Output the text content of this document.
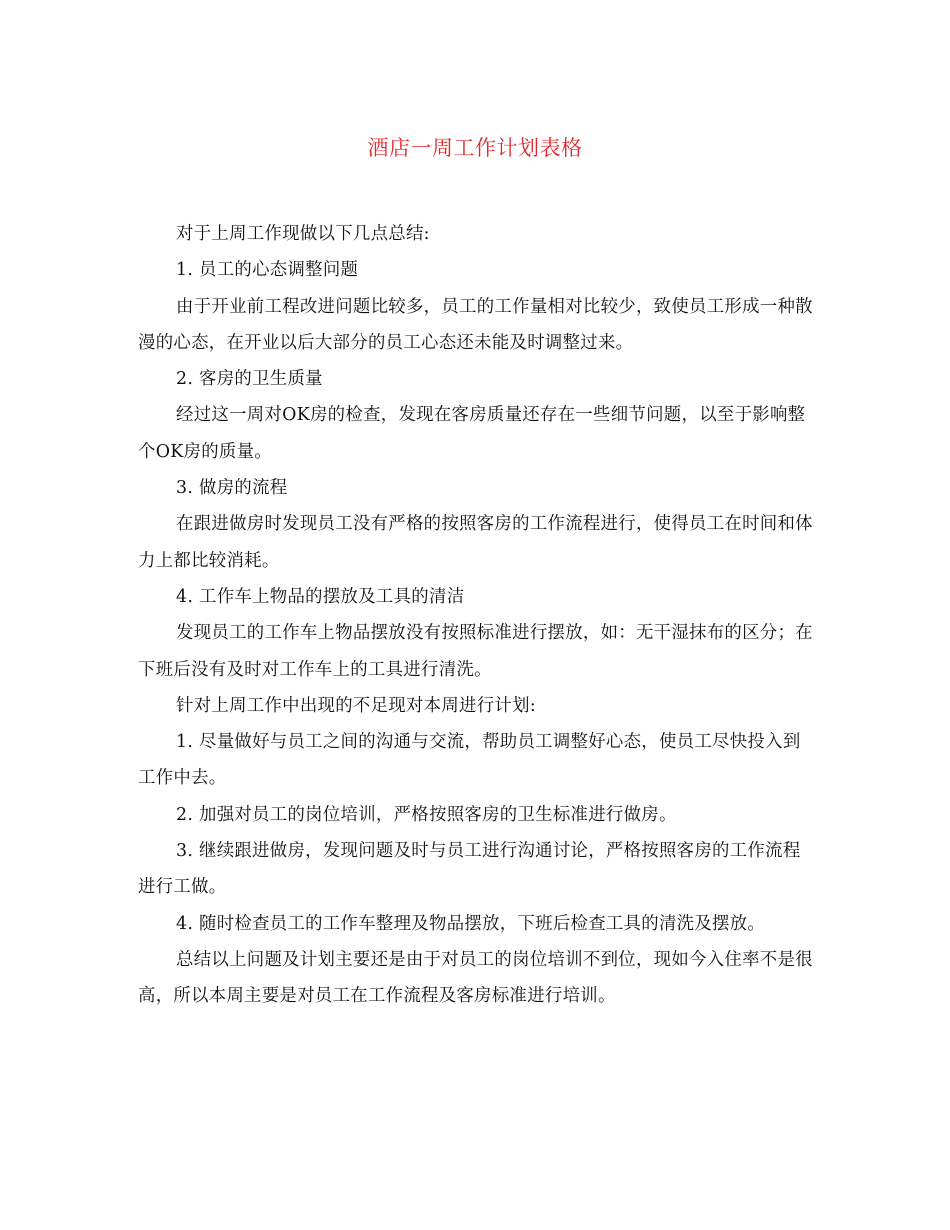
酒店一周工作计划表格

对于上周工作现做以下几点总结:

1. 员工的心态调整问题

由于开业前工程改进问题比较多，员工的工作量相对比较少，致使员工形成一种散漫的心态，在开业以后大部分的员工心态还未能及时调整过来。

2. 客房的卫生质量

经过这一周对OK房的检查，发现在客房质量还存在一些细节问题，以至于影响整个OK房的质量。

3. 做房的流程

在跟进做房时发现员工没有严格的按照客房的工作流程进行，使得员工在时间和体力上都比较消耗。

4. 工作车上物品的摆放及工具的清洁

发现员工的工作车上物品摆放没有按照标准进行摆放，如：无干湿抹布的区分；在下班后没有及时对工作车上的工具进行清洗。

针对上周工作中出现的不足现对本周进行计划:

1. 尽量做好与员工之间的沟通与交流，帮助员工调整好心态，使员工尽快投入到工作中去。

2. 加强对员工的岗位培训，严格按照客房的卫生标准进行做房。

3. 继续跟进做房，发现问题及时与员工进行沟通讨论，严格按照客房的工作流程进行工做。

4. 随时检查员工的工作车整理及物品摆放，下班后检查工具的清洗及摆放。

总结以上问题及计划主要还是由于对员工的岗位培训不到位，现如今入住率不是很高，所以本周主要是对员工在工作流程及客房标准进行培训。
